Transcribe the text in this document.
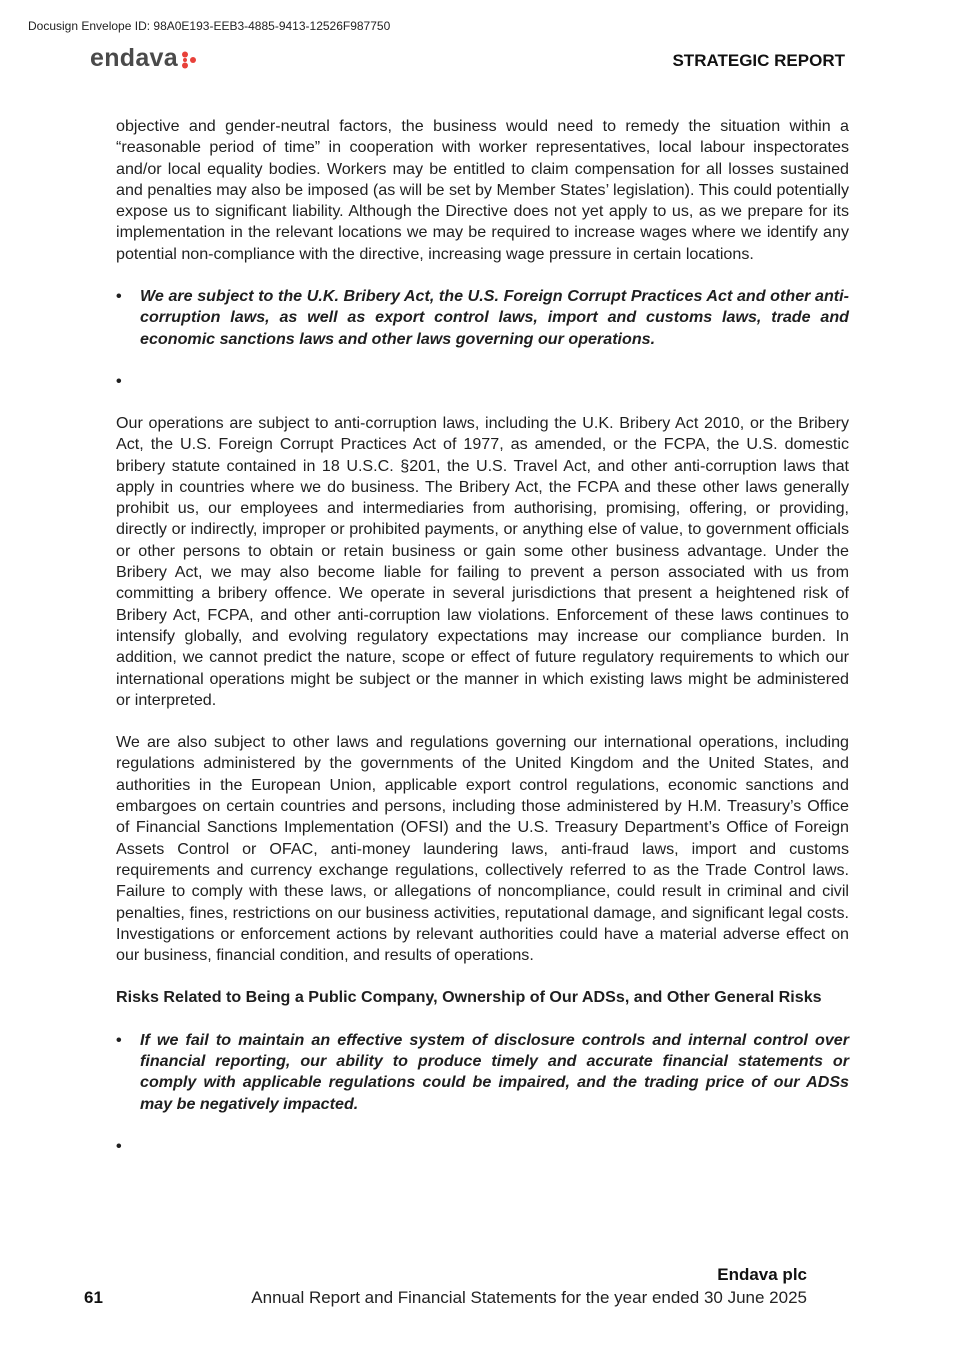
Docusign Envelope ID: 98A0E193-EEB3-4885-9413-12526F987750
endava	STRATEGIC REPORT

objective and gender-neutral factors, the business would need to remedy the situation within a “reasonable period of time” in cooperation with worker representatives, local labour inspectorates and/or local equality bodies. Workers may be entitled to claim compensation for all losses sustained and penalties may also be imposed (as will be set by Member States’ legislation). This could potentially expose us to significant liability. Although the Directive does not yet apply to us, as we prepare for its implementation in the relevant locations we may be required to increase wages where we identify any potential non-compliance with the directive, increasing wage pressure in certain locations.

• We are subject to the U.K. Bribery Act, the U.S. Foreign Corrupt Practices Act and other anti-corruption laws, as well as export control laws, import and customs laws, trade and economic sanctions laws and other laws governing our operations.
•

Our operations are subject to anti-corruption laws, including the U.K. Bribery Act 2010, or the Bribery Act, the U.S. Foreign Corrupt Practices Act of 1977, as amended, or the FCPA, the U.S. domestic bribery statute contained in 18 U.S.C. §201, the U.S. Travel Act, and other anti-corruption laws that apply in countries where we do business. The Bribery Act, the FCPA and these other laws generally prohibit us, our employees and intermediaries from authorising, promising, offering, or providing, directly or indirectly, improper or prohibited payments, or anything else of value, to government officials or other persons to obtain or retain business or gain some other business advantage. Under the Bribery Act, we may also become liable for failing to prevent a person associated with us from committing a bribery offence. We operate in several jurisdictions that present a heightened risk of Bribery Act, FCPA, and other anti-corruption law violations. Enforcement of these laws continues to intensify globally, and evolving regulatory expectations may increase our compliance burden. In addition, we cannot predict the nature, scope or effect of future regulatory requirements to which our international operations might be subject or the manner in which existing laws might be administered or interpreted.

We are also subject to other laws and regulations governing our international operations, including regulations administered by the governments of the United Kingdom and the United States, and authorities in the European Union, applicable export control regulations, economic sanctions and embargoes on certain countries and persons, including those administered by H.M. Treasury’s Office of Financial Sanctions Implementation (OFSI) and the U.S. Treasury Department’s Office of Foreign Assets Control or OFAC, anti-money laundering laws, anti-fraud laws, import and customs requirements and currency exchange regulations, collectively referred to as the Trade Control laws. Failure to comply with these laws, or allegations of noncompliance, could result in criminal and civil penalties, fines, restrictions on our business activities, reputational damage, and significant legal costs. Investigations or enforcement actions by relevant authorities could have a material adverse effect on our business, financial condition, and results of operations.

Risks Related to Being a Public Company, Ownership of Our ADSs, and Other General Risks

• If we fail to maintain an effective system of disclosure controls and internal control over financial reporting, our ability to produce timely and accurate financial statements or comply with applicable regulations could be impaired, and the trading price of our ADSs may be negatively impacted.
•
Endava plc
61	Annual Report and Financial Statements for the year ended 30 June 2025
